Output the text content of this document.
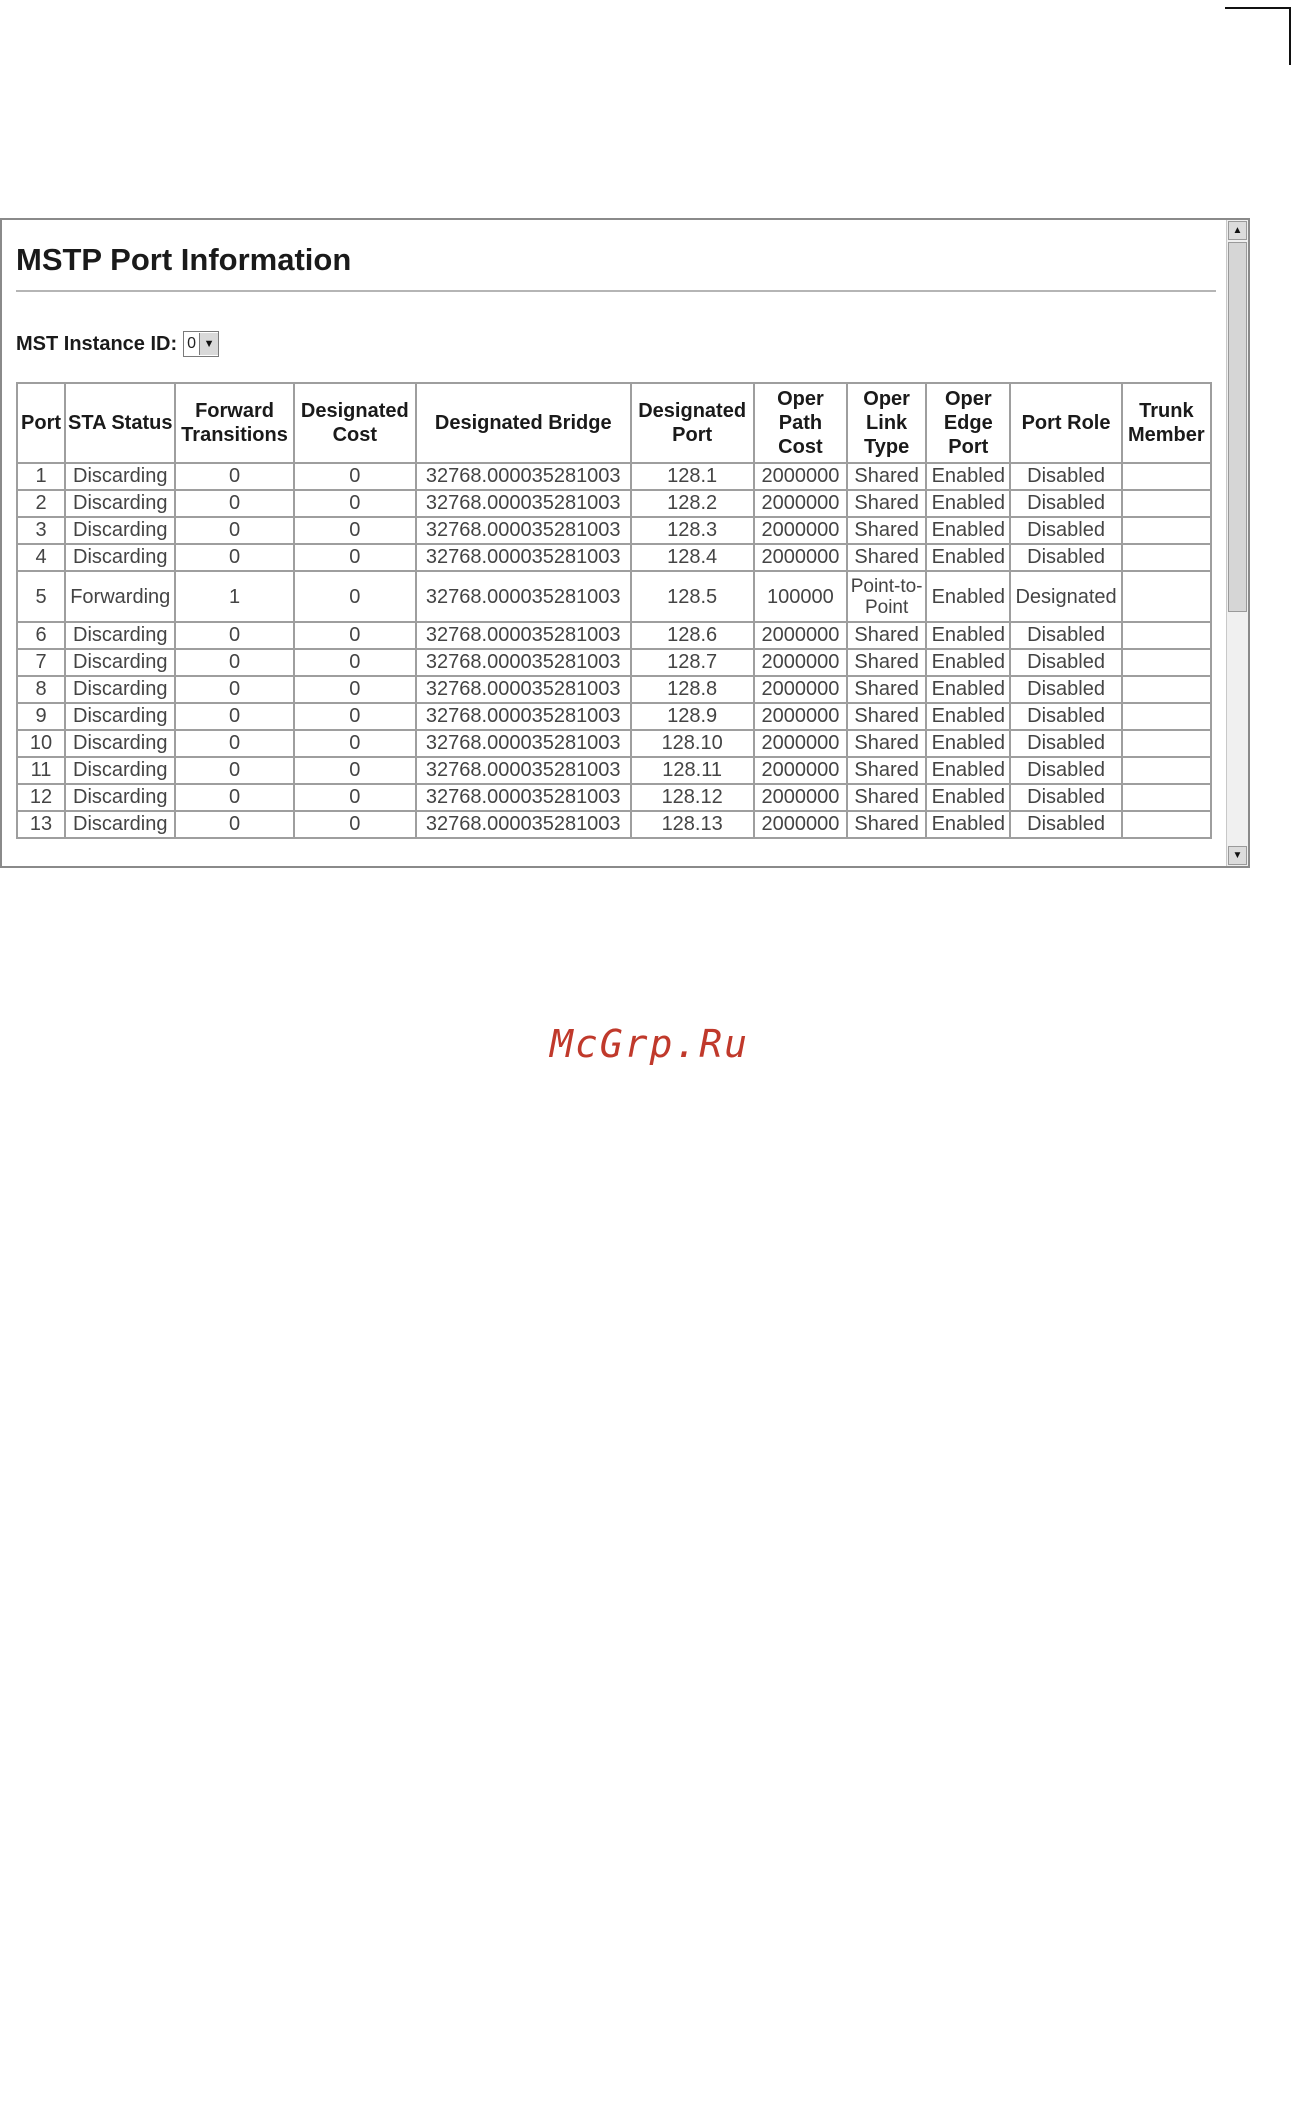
MSTP Port Information
MST Instance ID: 0 ▼
Port	STA Status	Forward Transitions	Designated Cost	Designated Bridge	Designated Port	Oper Path Cost	Oper Link Type	Oper Edge Port	Port Role	Trunk Member
1	Discarding	0	0	32768.000035281003	128.1	2000000	Shared	Enabled	Disabled	
2	Discarding	0	0	32768.000035281003	128.2	2000000	Shared	Enabled	Disabled	
3	Discarding	0	0	32768.000035281003	128.3	2000000	Shared	Enabled	Disabled	
4	Discarding	0	0	32768.000035281003	128.4	2000000	Shared	Enabled	Disabled	
5	Forwarding	1	0	32768.000035281003	128.5	100000	Point-to-Point	Enabled	Designated	
6	Discarding	0	0	32768.000035281003	128.6	2000000	Shared	Enabled	Disabled	
7	Discarding	0	0	32768.000035281003	128.7	2000000	Shared	Enabled	Disabled	
8	Discarding	0	0	32768.000035281003	128.8	2000000	Shared	Enabled	Disabled	
9	Discarding	0	0	32768.000035281003	128.9	2000000	Shared	Enabled	Disabled	
10	Discarding	0	0	32768.000035281003	128.10	2000000	Shared	Enabled	Disabled	
11	Discarding	0	0	32768.000035281003	128.11	2000000	Shared	Enabled	Disabled	
12	Discarding	0	0	32768.000035281003	128.12	2000000	Shared	Enabled	Disabled	
13	Discarding	0	0	32768.000035281003	128.13	2000000	Shared	Enabled	Disabled	
▲
▼
McGrp.Ru
